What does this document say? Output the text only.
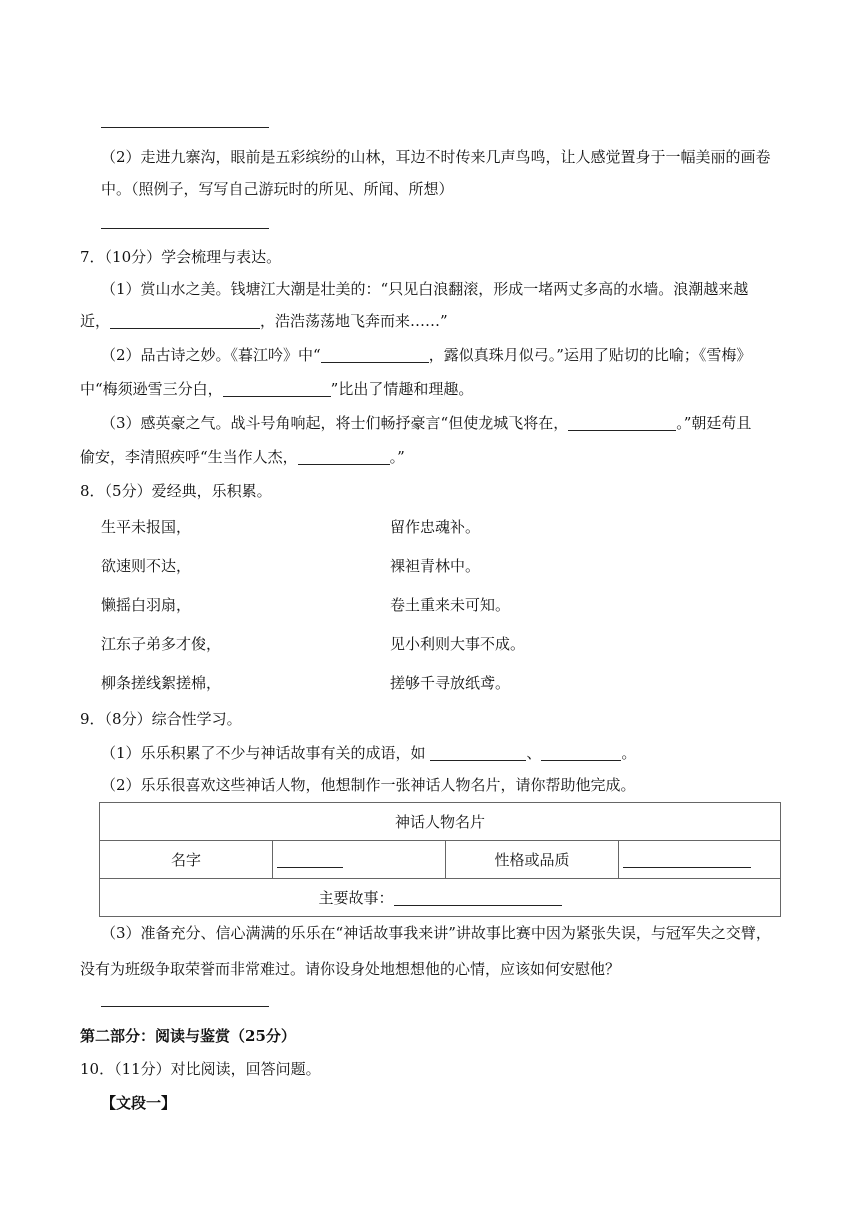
（2）走进九寨沟，眼前是五彩缤纷的山林，耳边不时传来几声鸟鸣，让人感觉置身于一幅美丽的画卷
中。（照例子，写写自己游玩时的所见、所闻、所想）
7．（10分）学会梳理与表达。
（1）赏山水之美。钱塘江大潮是壮美的：“只见白浪翻滚，形成一堵两丈多高的水墙。浪潮越来越
近，	，浩浩荡荡地飞奔而来……”
（2）品古诗之妙。《暮江吟》中“	，露似真珠月似弓。”运用了贴切的比喻；《雪梅》
中“梅须逊雪三分白，	”比出了情趣和理趣。
（3）感英豪之气。战斗号角响起，将士们畅抒豪言“但使龙城飞将在，	。”朝廷苟且
偷安，李清照疾呼“生当作人杰，	。”
8．（5分）爱经典，乐积累。
生平未报国，	留作忠魂补。
欲速则不达，	裸袒青林中。
懒摇白羽扇，	卷土重来未可知。
江东子弟多才俊，	见小利则大事不成。
柳条搓线絮搓棉，	搓够千寻放纸鸢。
9．（8分）综合性学习。
（1）乐乐积累了不少与神话故事有关的成语，如	、	。
（2）乐乐很喜欢这些神话人物，他想制作一张神话人物名片，请你帮助他完成。
神话人物名片
名字		性格或品质	
主要故事：
（3）准备充分、信心满满的乐乐在“神话故事我来讲”讲故事比赛中因为紧张失误，与冠军失之交臂，
没有为班级争取荣誉而非常难过。请你设身处地想想他的心情，应该如何安慰他？
第二部分：阅读与鉴赏（25分）
10．（11分）对比阅读，回答问题。
【文段一】
